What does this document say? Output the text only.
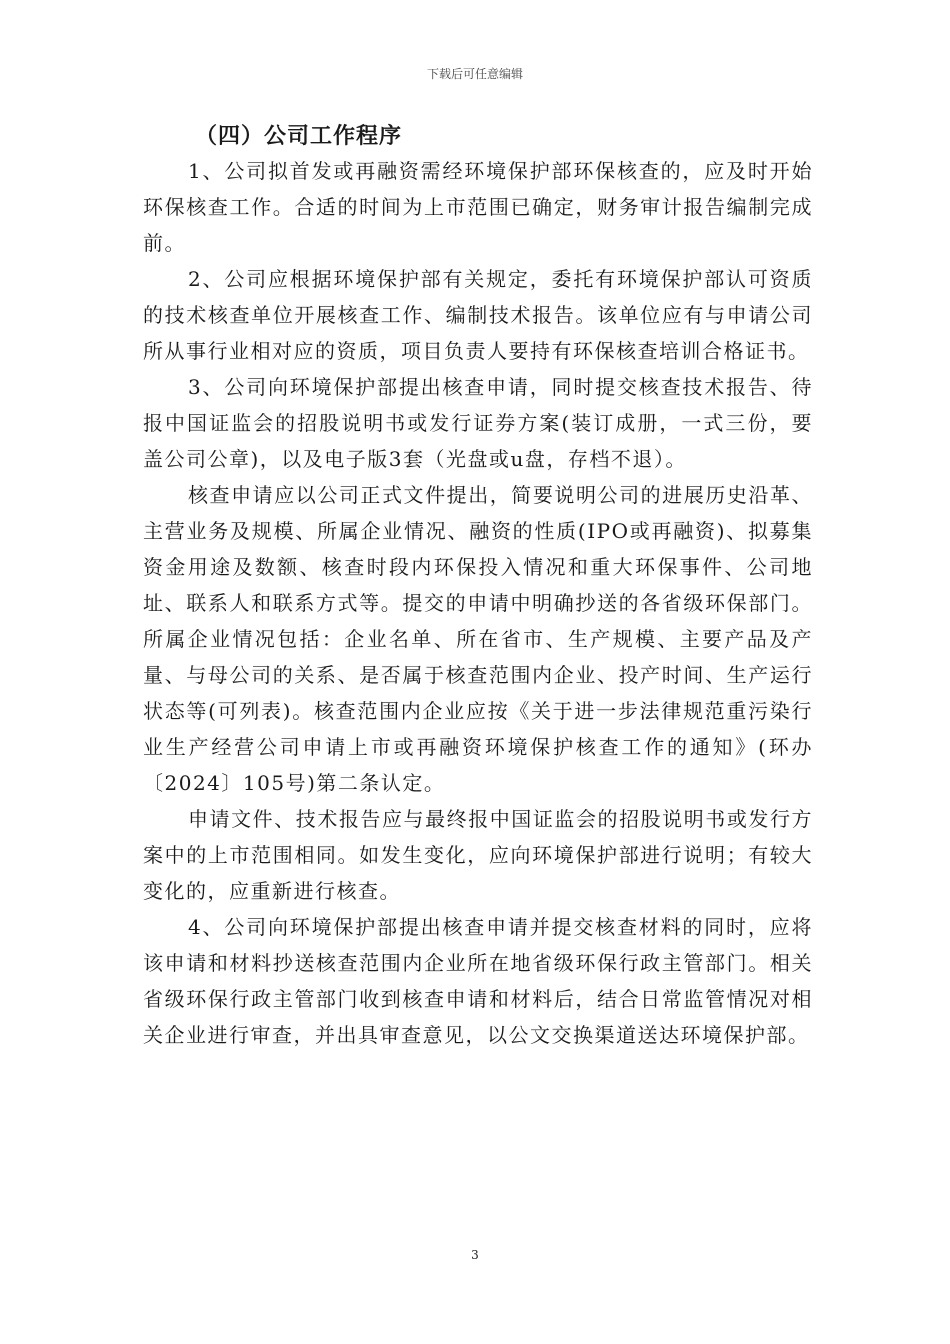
下载后可任意编辑

（四）公司工作程序

1、公司拟首发或再融资需经环境保护部环保核查的，应及时开始环保核查工作。合适的时间为上市范围已确定，财务审计报告编制完成前。

2、公司应根据环境保护部有关规定，委托有环境保护部认可资质的技术核查单位开展核查工作、编制技术报告。该单位应有与申请公司所从事行业相对应的资质，项目负责人要持有环保核查培训合格证书。

3、公司向环境保护部提出核查申请，同时提交核查技术报告、待报中国证监会的招股说明书或发行证券方案(装订成册，一式三份，要盖公司公章)，以及电子版3套（光盘或u盘，存档不退）。

核查申请应以公司正式文件提出，简要说明公司的进展历史沿革、主营业务及规模、所属企业情况、融资的性质(IPO或再融资)、拟募集资金用途及数额、核查时段内环保投入情况和重大环保事件、公司地址、联系人和联系方式等。提交的申请中明确抄送的各省级环保部门。所属企业情况包括：企业名单、所在省市、生产规模、主要产品及产量、与母公司的关系、是否属于核查范围内企业、投产时间、生产运行状态等(可列表)。核查范围内企业应按《关于进一步法律规范重污染行业生产经营公司申请上市或再融资环境保护核查工作的通知》(环办〔2024〕105号)第二条认定。

申请文件、技术报告应与最终报中国证监会的招股说明书或发行方案中的上市范围相同。如发生变化，应向环境保护部进行说明；有较大变化的，应重新进行核查。

4、公司向环境保护部提出核查申请并提交核查材料的同时，应将该申请和材料抄送核查范围内企业所在地省级环保行政主管部门。相关省级环保行政主管部门收到核查申请和材料后，结合日常监管情况对相关企业进行审查，并出具审查意见，以公文交换渠道送达环境保护部。

3
